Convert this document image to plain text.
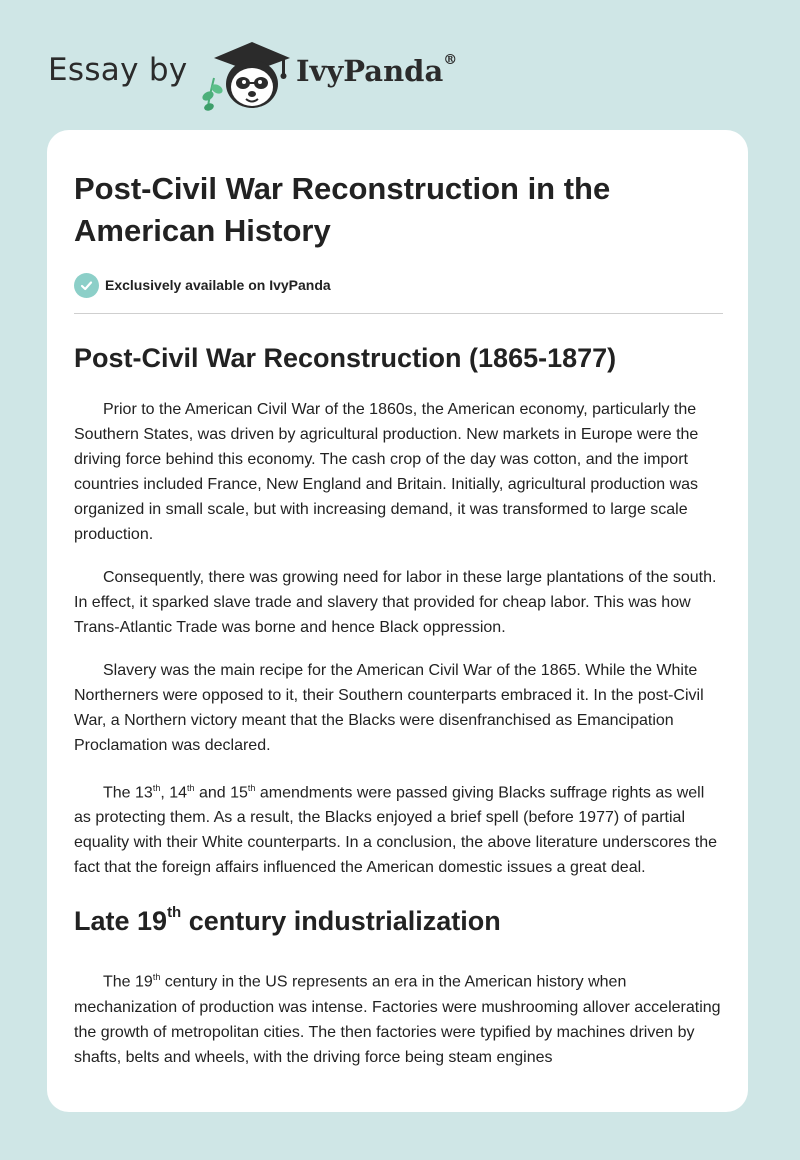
Essay by	IvyPanda®
Post-Civil War Reconstruction in the American History
Exclusively available on IvyPanda
Post-Civil War Reconstruction (1865-1877)

Prior to the American Civil War of the 1860s, the American economy, particularly the Southern States, was driven by agricultural production. New markets in Europe were the driving force behind this economy. The cash crop of the day was cotton, and the import countries included France, New England and Britain. Initially, agricultural production was organized in small scale, but with increasing demand, it was transformed to large scale production.

Consequently, there was growing need for labor in these large plantations of the south. In effect, it sparked slave trade and slavery that provided for cheap labor. This was how Trans-Atlantic Trade was borne and hence Black oppression.

Slavery was the main recipe for the American Civil War of the 1865. While the White Northerners were opposed to it, their Southern counterparts embraced it. In the post-Civil War, a Northern victory meant that the Blacks were disenfranchised as Emancipation Proclamation was declared.

The 13th, 14th and 15th amendments were passed giving Blacks suffrage rights as well as protecting them. As a result, the Blacks enjoyed a brief spell (before 1977) of partial equality with their White counterparts. In a conclusion, the above literature underscores the fact that the foreign affairs influenced the American domestic issues a great deal.

Late 19th century industrialization

The 19th century in the US represents an era in the American history when mechanization of production was intense. Factories were mushrooming allover accelerating the growth of metropolitan cities. The then factories were typified by machines driven by shafts, belts and wheels, with the driving force being steam engines
